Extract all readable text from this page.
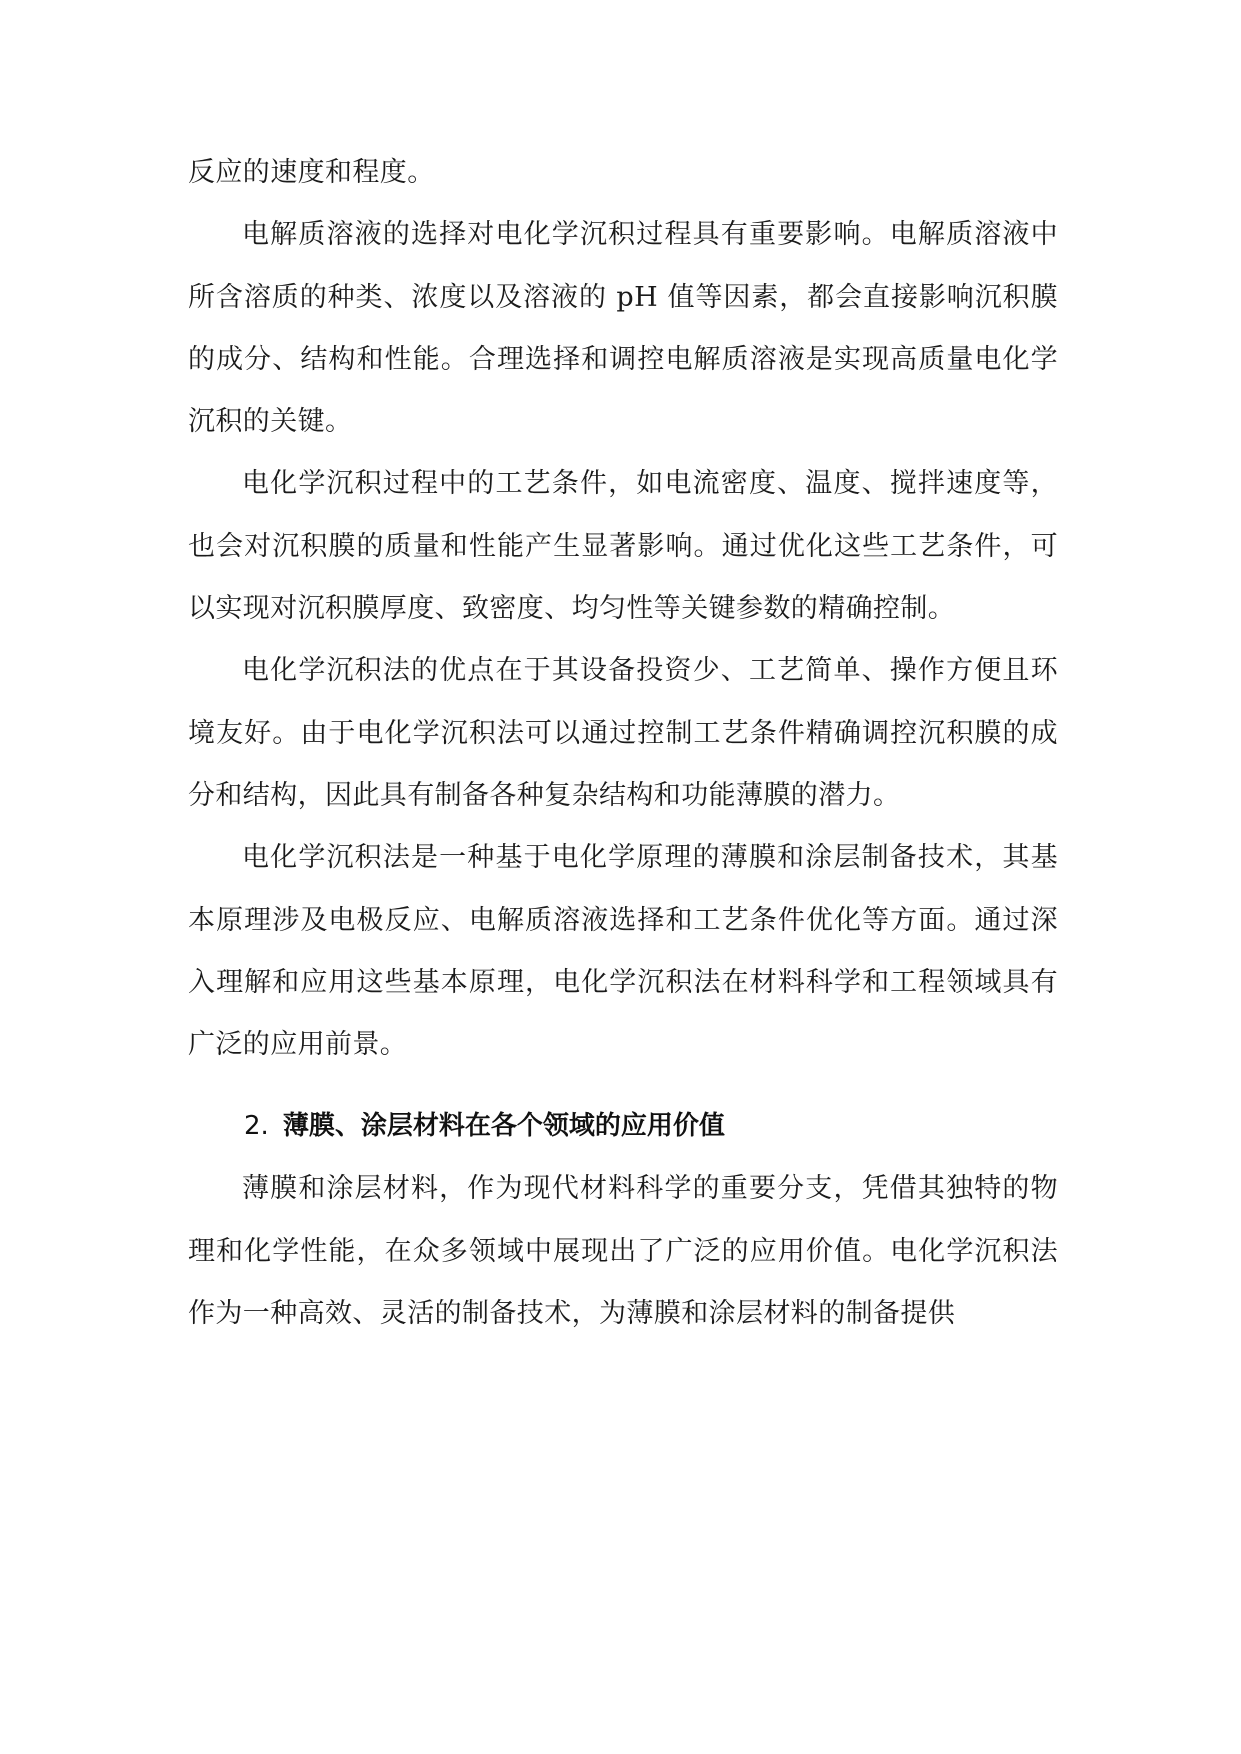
反应的速度和程度。

电解质溶液的选择对电化学沉积过程具有重要影响。电解质溶液中所含溶质的种类、浓度以及溶液的 pH 值等因素，都会直接影响沉积膜的成分、结构和性能。合理选择和调控电解质溶液是实现高质量电化学沉积的关键。

电化学沉积过程中的工艺条件，如电流密度、温度、搅拌速度等，也会对沉积膜的质量和性能产生显著影响。通过优化这些工艺条件，可以实现对沉积膜厚度、致密度、均匀性等关键参数的精确控制。

电化学沉积法的优点在于其设备投资少、工艺简单、操作方便且环境友好。由于电化学沉积法可以通过控制工艺条件精确调控沉积膜的成分和结构，因此具有制备各种复杂结构和功能薄膜的潜力。

电化学沉积法是一种基于电化学原理的薄膜和涂层制备技术，其基本原理涉及电极反应、电解质溶液选择和工艺条件优化等方面。通过深入理解和应用这些基本原理，电化学沉积法在材料科学和工程领域具有广泛的应用前景。

2. 薄膜、涂层材料在各个领域的应用价值

薄膜和涂层材料，作为现代材料科学的重要分支，凭借其独特的物理和化学性能，在众多领域中展现出了广泛的应用价值。电化学沉积法作为一种高效、灵活的制备技术，为薄膜和涂层材料的制备提供
